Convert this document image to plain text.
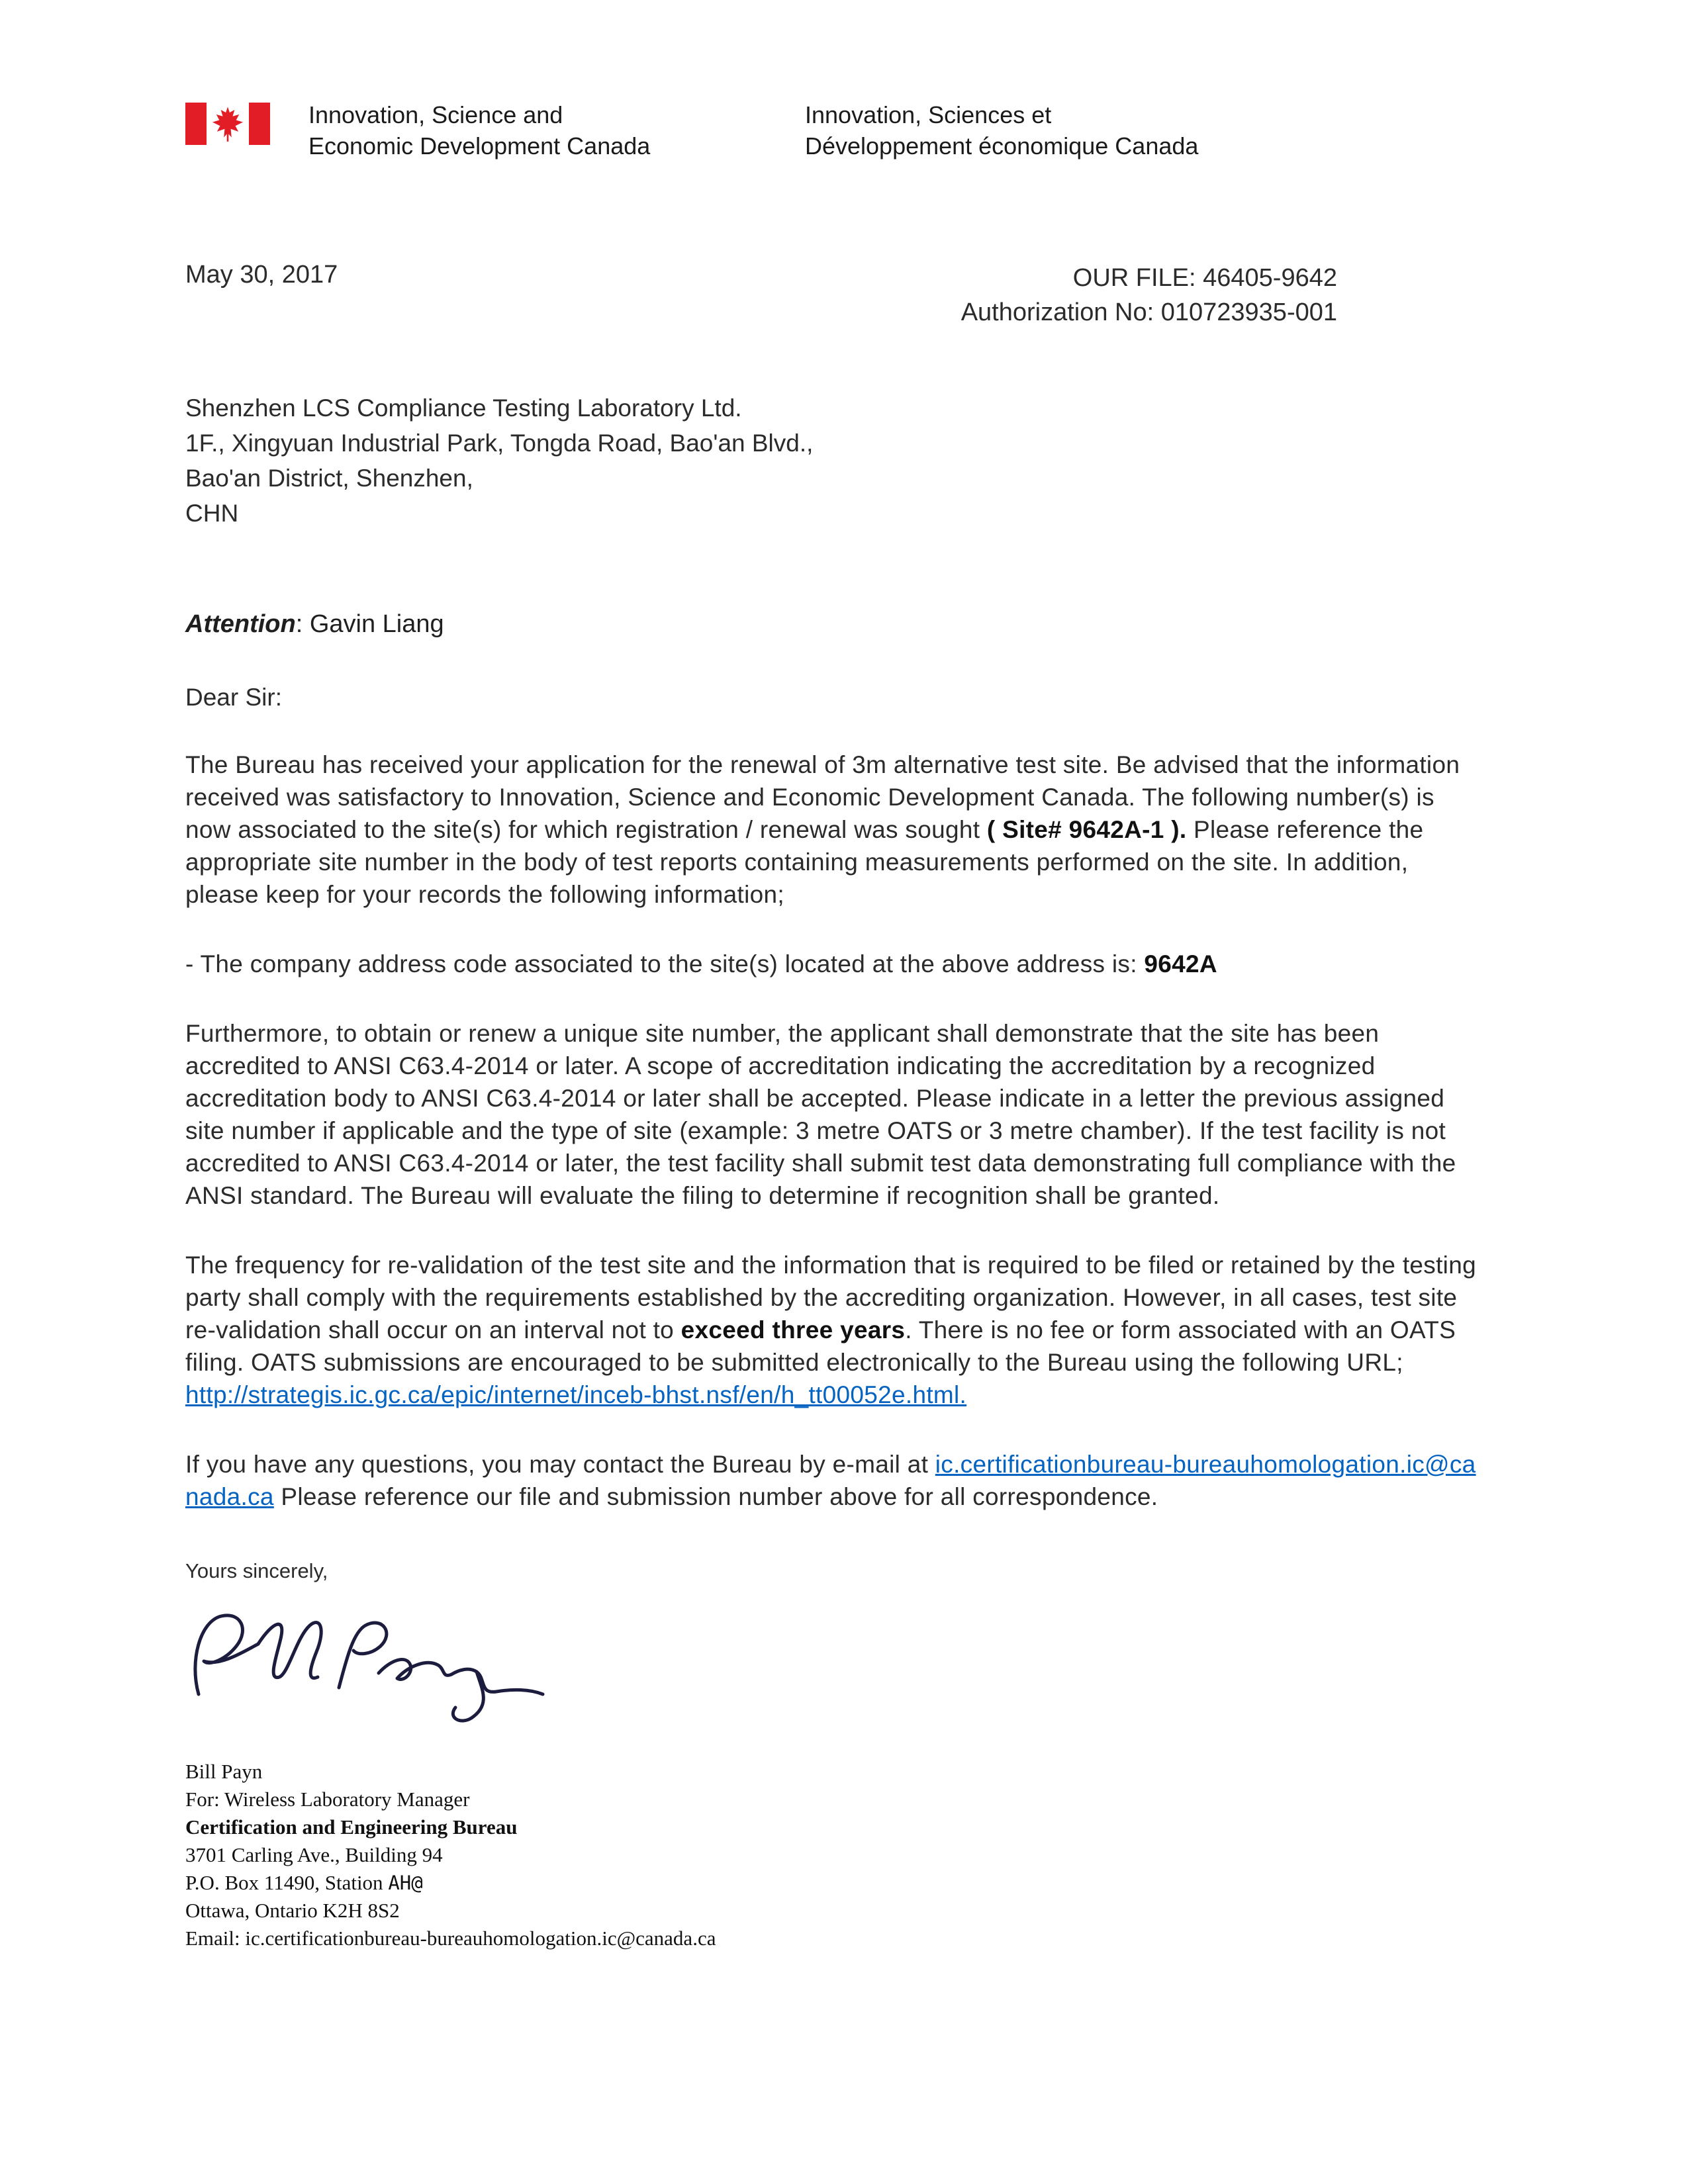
Innovation, Science and
Economic Development Canada
Innovation, Sciences et
Développement économique Canada
May 30, 2017	OUR FILE: 46405-9642
Authorization No: 010723935-001
Shenzhen LCS Compliance Testing Laboratory Ltd.
1F., Xingyuan Industrial Park, Tongda Road, Bao'an Blvd.,
Bao'an District, Shenzhen,
CHN
Attention: Gavin Liang
Dear Sir:

The Bureau has received your application for the renewal of 3m alternative test site. Be advised that the information received was satisfactory to Innovation, Science and Economic Development Canada. The following number(s) is now associated to the site(s) for which registration / renewal was sought ( Site# 9642A-1 ). Please reference the appropriate site number in the body of test reports containing measurements performed on the site. In addition, please keep for your records the following information;

- The company address code associated to the site(s) located at the above address is: 9642A

Furthermore, to obtain or renew a unique site number, the applicant shall demonstrate that the site has been accredited to ANSI C63.4-2014 or later. A scope of accreditation indicating the accreditation by a recognized accreditation body to ANSI C63.4-2014 or later shall be accepted. Please indicate in a letter the previous assigned site number if applicable and the type of site (example: 3 metre OATS or 3 metre chamber). If the test facility is not accredited to ANSI C63.4-2014 or later, the test facility shall submit test data demonstrating full compliance with the ANSI standard. The Bureau will evaluate the filing to determine if recognition shall be granted.

The frequency for re-validation of the test site and the information that is required to be filed or retained by the testing party shall comply with the requirements established by the accrediting organization. However, in all cases, test site re-validation shall occur on an interval not to exceed three years. There is no fee or form associated with an OATS filing. OATS submissions are encouraged to be submitted electronically to the Bureau using the following URL;
http://strategis.ic.gc.ca/epic/internet/inceb-bhst.nsf/en/h_tt00052e.html.

If you have any questions, you may contact the Bureau by e-mail at ic.certificationbureau-bureauhomologation.ic@canada.ca Please reference our file and submission number above for all correspondence.

Yours sincerely,
Bill Payn
For: Wireless Laboratory Manager
Certification and Engineering Bureau
3701 Carling Ave., Building 94
P.O. Box 11490, Station AH@
Ottawa, Ontario K2H 8S2
Email: ic.certificationbureau-bureauhomologation.ic@canada.ca
